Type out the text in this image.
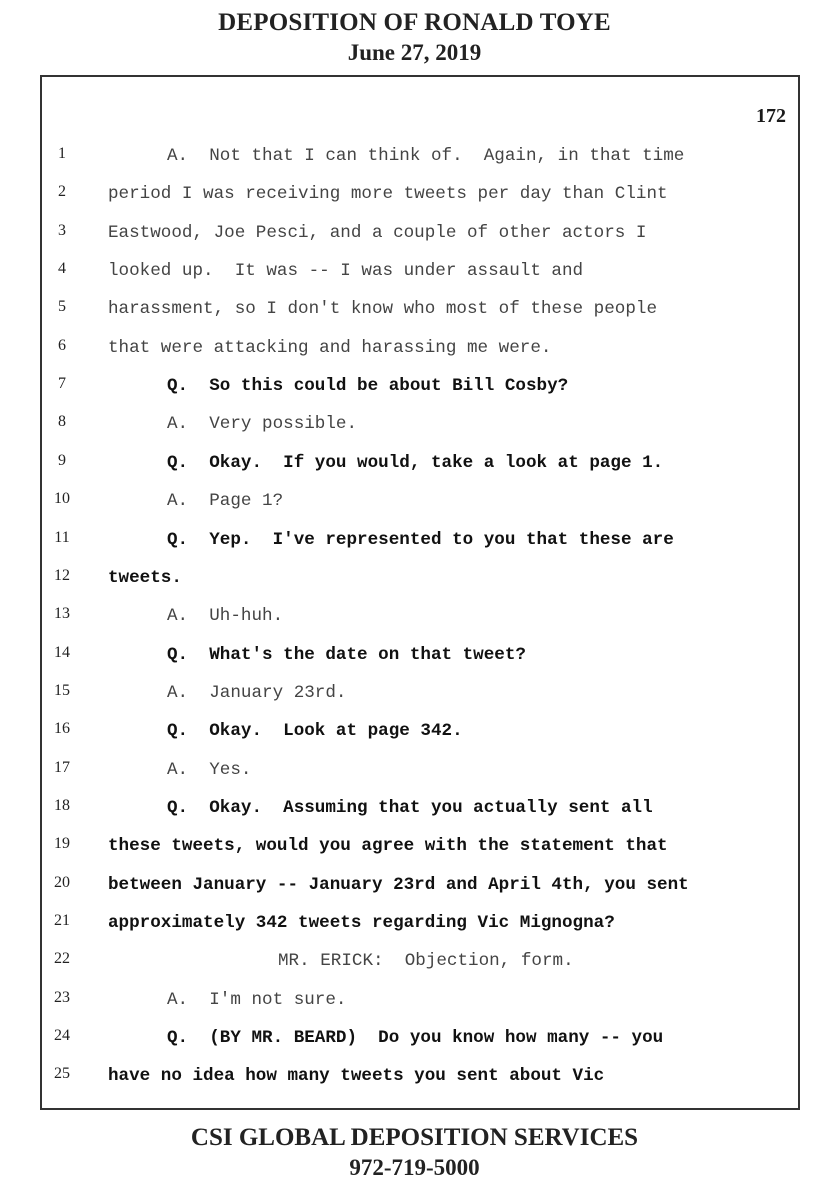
DEPOSITION OF RONALD TOYE
June 27, 2019
172
1	A.  Not that I can think of.  Again, in that time
2	period I was receiving more tweets per day than Clint
3	Eastwood, Joe Pesci, and a couple of other actors I
4	looked up.  It was -- I was under assault and
5	harassment, so I don't know who most of these people
6	that were attacking and harassing me were.
7	Q.  So this could be about Bill Cosby?
8	A.  Very possible.
9	Q.  Okay.  If you would, take a look at page 1.
10	A.  Page 1?
11	Q.  Yep.  I've represented to you that these are
12	tweets.
13	A.  Uh-huh.
14	Q.  What's the date on that tweet?
15	A.  January 23rd.
16	Q.  Okay.  Look at page 342.
17	A.  Yes.
18	Q.  Okay.  Assuming that you actually sent all
19	these tweets, would you agree with the statement that
20	between January -- January 23rd and April 4th, you sent
21	approximately 342 tweets regarding Vic Mignogna?
22	MR. ERICK:  Objection, form.
23	A.  I'm not sure.
24	Q.  (BY MR. BEARD)  Do you know how many -- you
25	have no idea how many tweets you sent about Vic
CSI GLOBAL DEPOSITION SERVICES
972-719-5000
